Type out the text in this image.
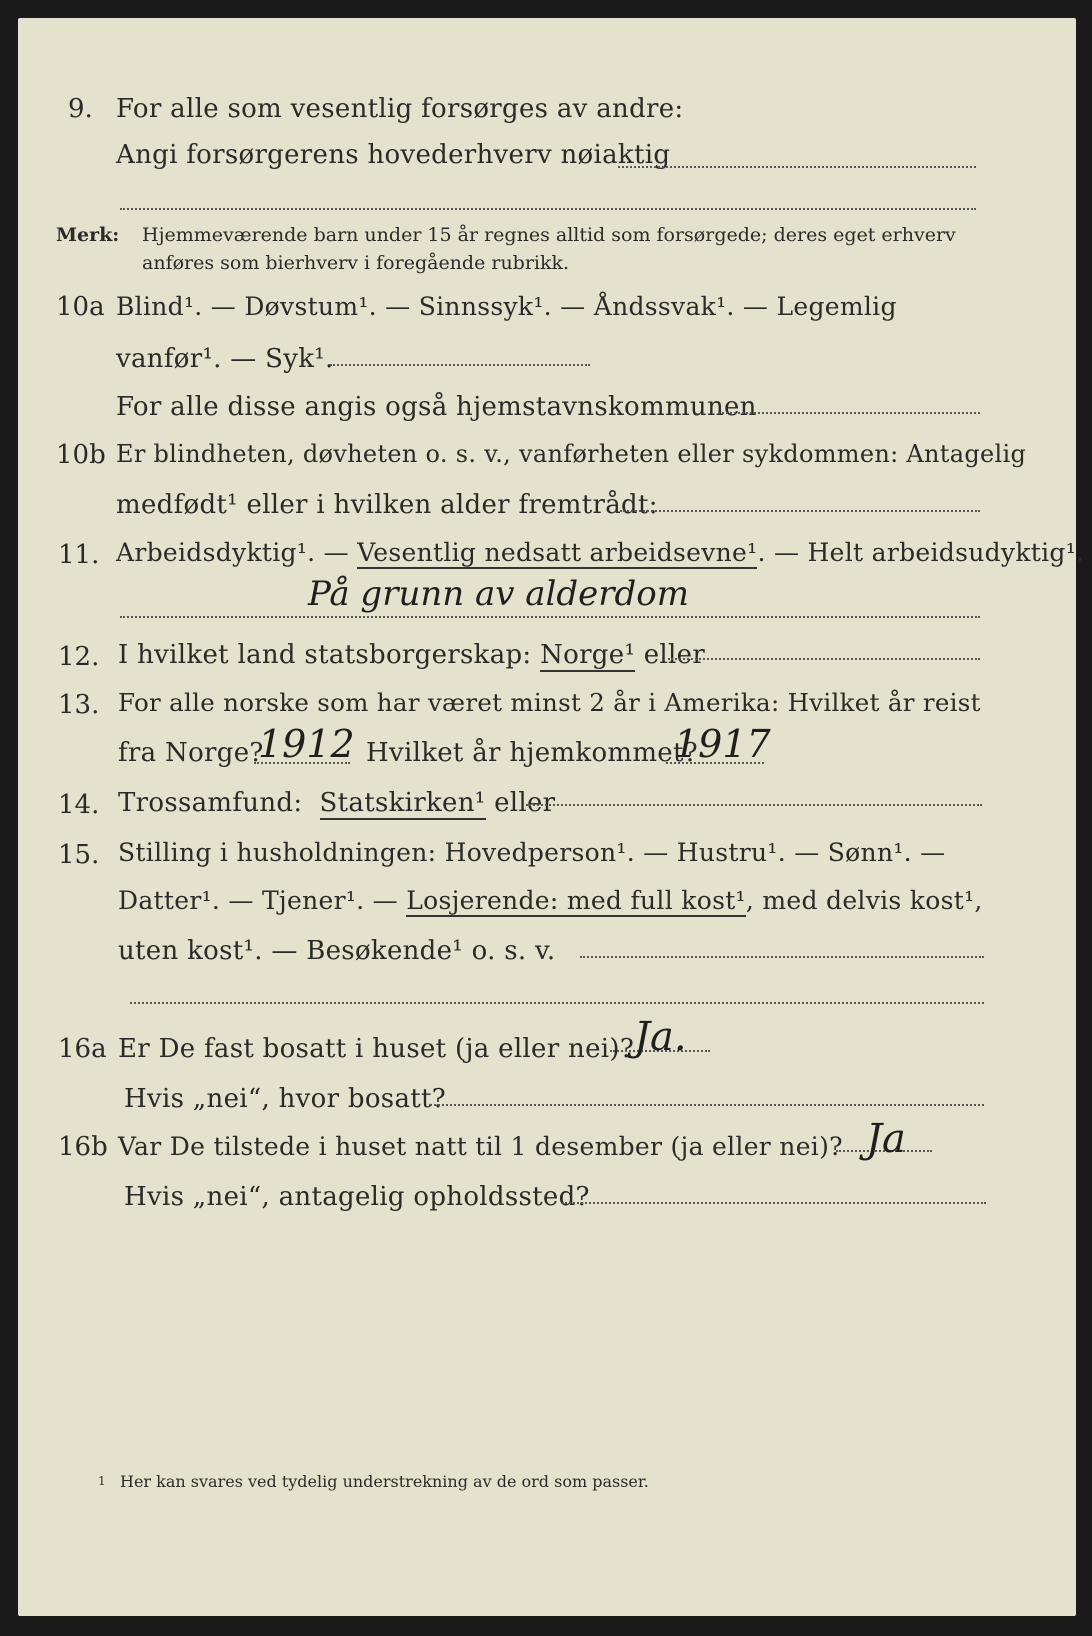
9. For alle som vesentlig forsørges av andre:
Angi forsørgerens hovederhverv nøiaktig
Merk: Hjemmeværende barn under 15 år regnes alltid som forsørgede; deres eget erhverv
anføres som bierhverv i foregående rubrikk.
10a Blind¹. — Døvstum¹. — Sinnssyk¹. — Åndssvak¹. — Legemlig
vanfør¹. — Syk¹.
For alle disse angis også hjemstavnskommunen
10b Er blindheten, døvheten o. s. v., vanførheten eller sykdommen: Antagelig
medfødt¹ eller i hvilken alder fremtrådt:
11. Arbeidsdyktig¹. — Vesentlig nedsatt arbeidsevne¹. — Helt arbeidsudyktig¹.
På grunn av alderdom
12. I hvilket land statsborgerskap: Norge¹ eller
13. For alle norske som har været minst 2 år i Amerika: Hvilket år reist
fra Norge?
1912 Hvilket år hjemkommet?
1917
14. Trossamfund: Statskirken¹ eller
15. Stilling i husholdningen: Hovedperson¹. — Hustru¹. — Sønn¹. —
Datter¹. — Tjener¹. — Losjerende: med full kost¹, med delvis kost¹,
uten kost¹. — Besøkende¹ o. s. v.
16a Er De fast bosatt i huset (ja eller nei)? Ja.
Hvis „nei“, hvor bosatt?
16b Var De tilstede i huset natt til 1 desember (ja eller nei)? Ja
Hvis „nei“, antagelig opholdssted?
1 Her kan svares ved tydelig understrekning av de ord som passer.
